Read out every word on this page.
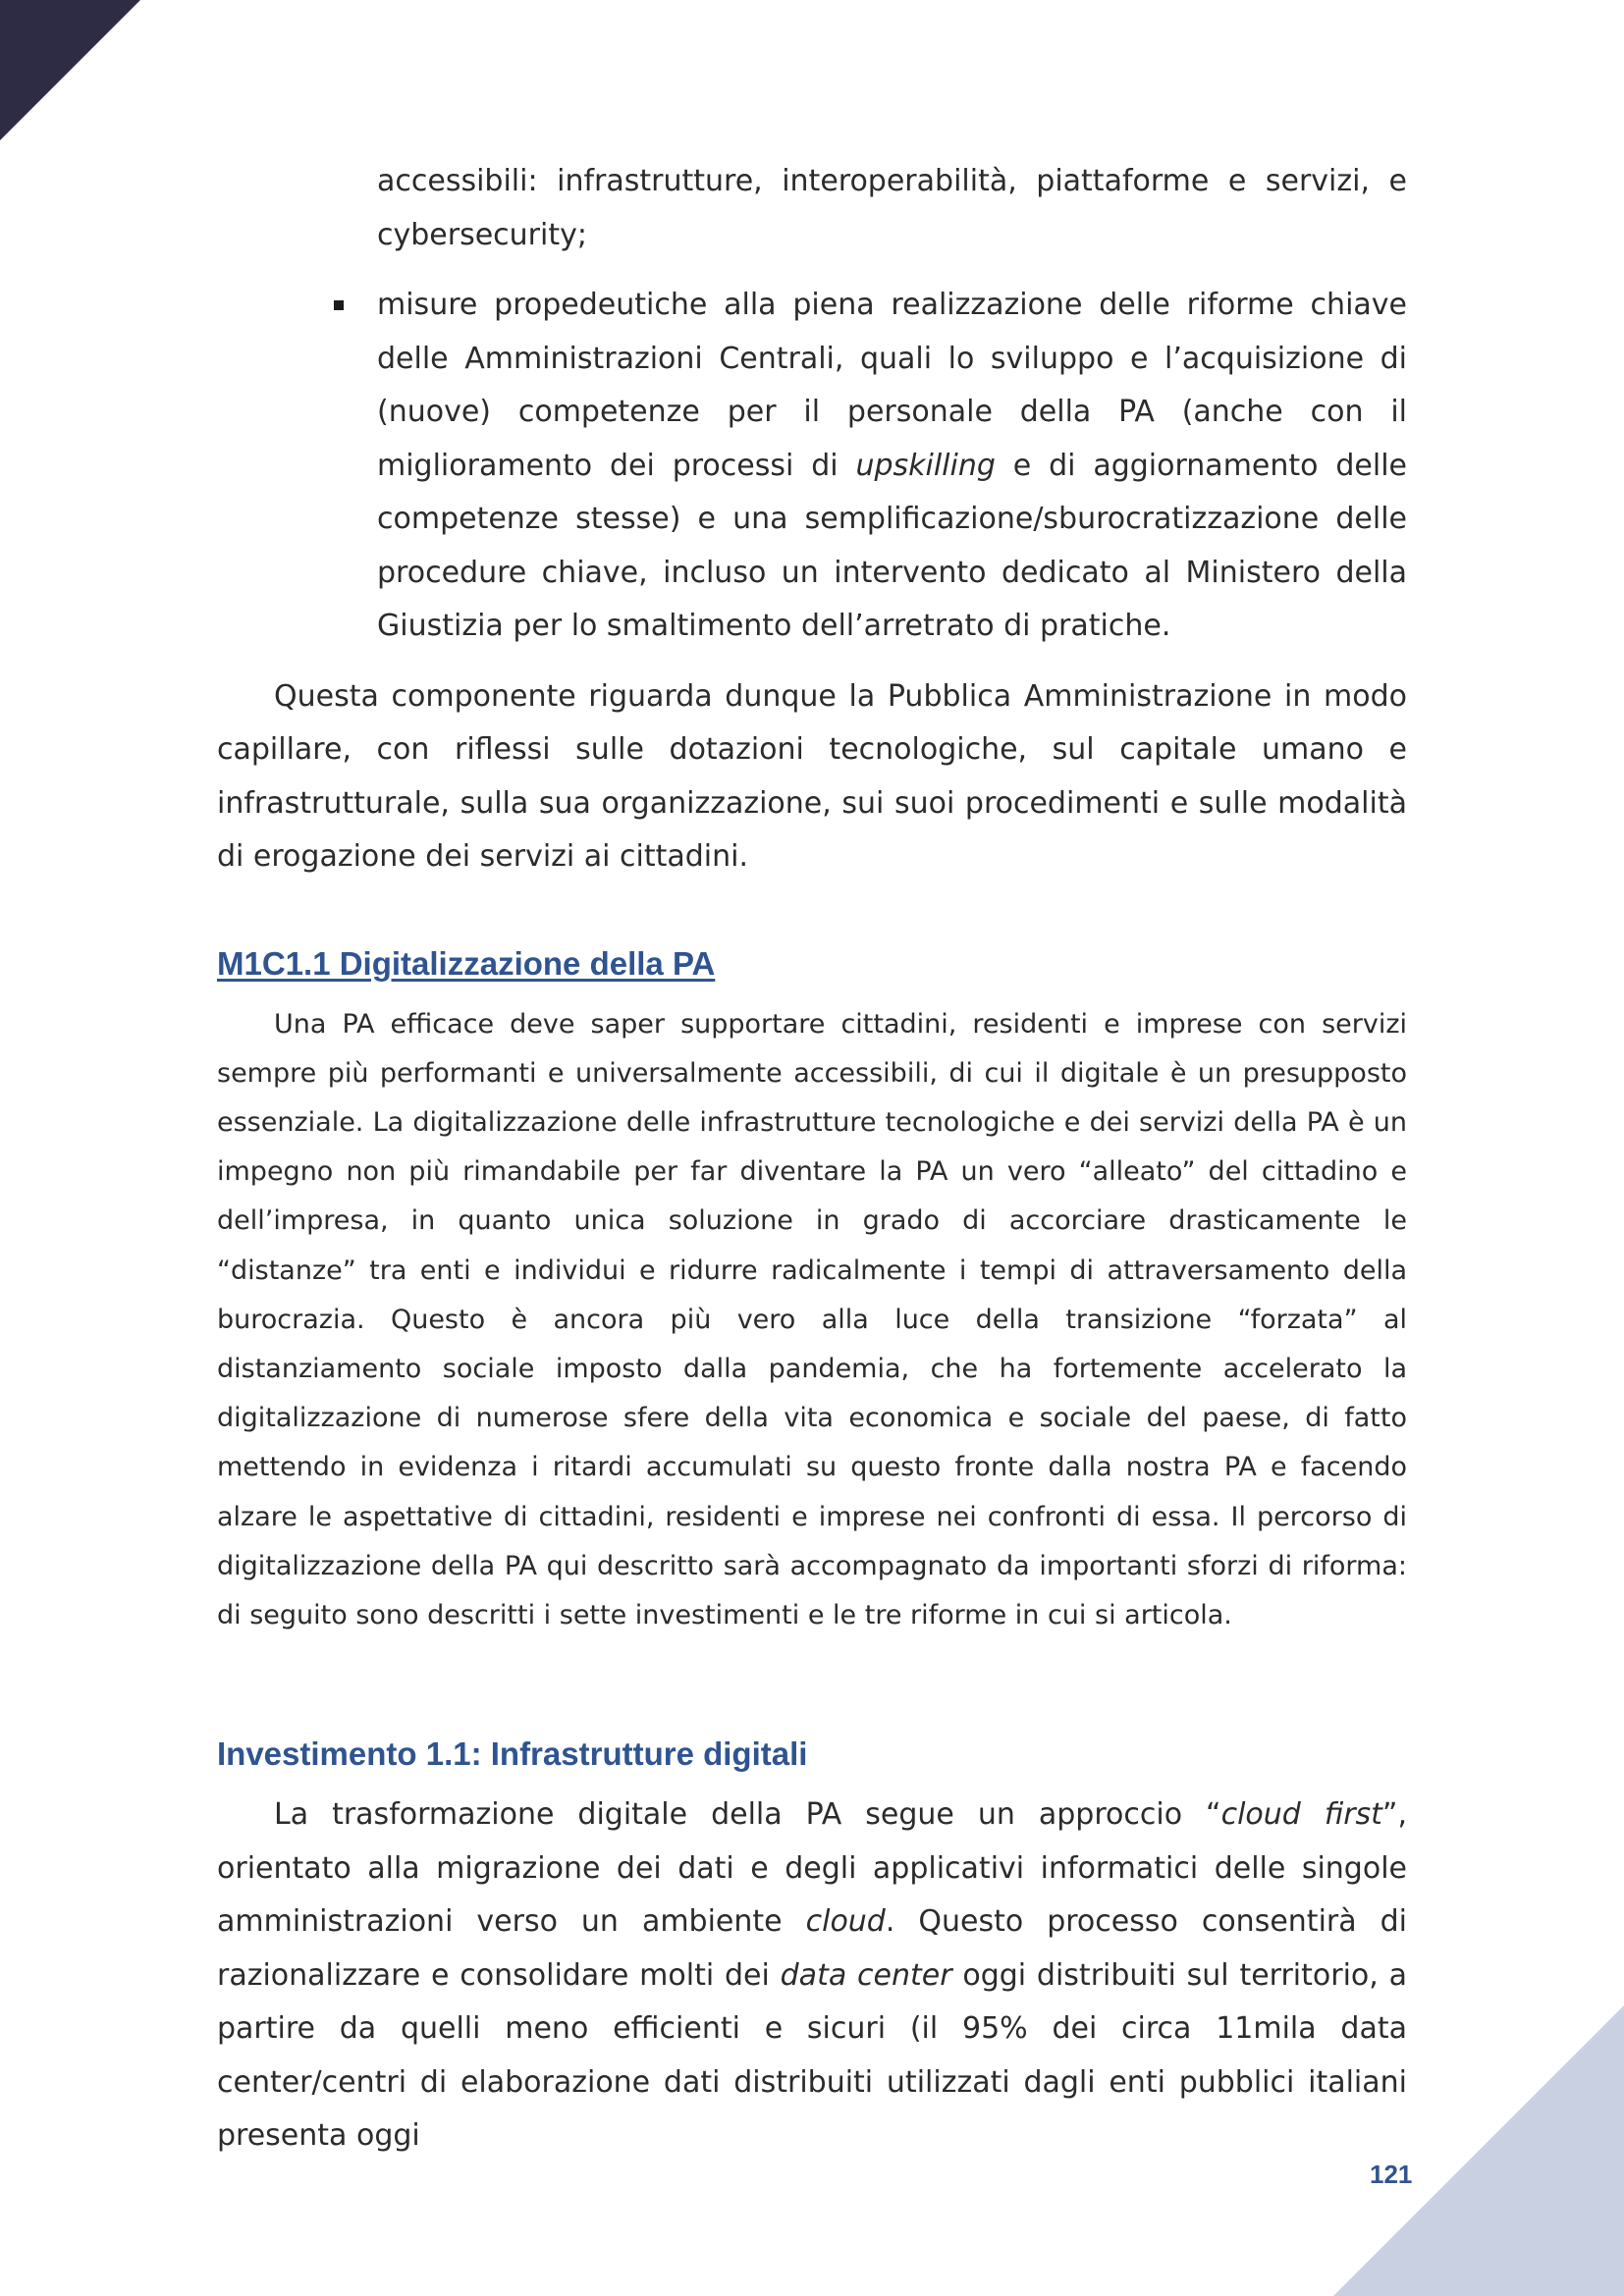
accessibili: infrastrutture, interoperabilità, piattaforme e servizi, e cybersecurity;

misure propedeutiche alla piena realizzazione delle riforme chiave delle Amministrazioni Centrali, quali lo sviluppo e l’acquisizione di (nuove) competenze per il personale della PA (anche con il miglioramento dei processi di upskilling e di aggiornamento delle competenze stesse) e una semplificazione/sburocratizzazione delle procedure chiave, incluso un intervento dedicato al Ministero della Giustizia per lo smaltimento dell’arretrato di pratiche.

Questa componente riguarda dunque la Pubblica Amministrazione in modo capillare, con riflessi sulle dotazioni tecnologiche, sul capitale umano e infrastrutturale, sulla sua organizzazione, sui suoi procedimenti e sulle modalità di erogazione dei servizi ai cittadini.

M1C1.1 Digitalizzazione della PA

Una PA efficace deve saper supportare cittadini, residenti e imprese con servizi sempre più performanti e universalmente accessibili, di cui il digitale è un presupposto essenziale. La digitalizzazione delle infrastrutture tecnologiche e dei servizi della PA è un impegno non più rimandabile per far diventare la PA un vero “alleato” del cittadino e dell’impresa, in quanto unica soluzione in grado di accorciare drasticamente le “distanze” tra enti e individui e ridurre radicalmente i tempi di attraversamento della burocrazia. Questo è ancora più vero alla luce della transizione “forzata” al distanziamento sociale imposto dalla pandemia, che ha fortemente accelerato la digitalizzazione di numerose sfere della vita economica e sociale del paese, di fatto mettendo in evidenza i ritardi accumulati su questo fronte dalla nostra PA e facendo alzare le aspettative di cittadini, residenti e imprese nei confronti di essa. Il percorso di digitalizzazione della PA qui descritto sarà accompagnato da importanti sforzi di riforma: di seguito sono descritti i sette investimenti e le tre riforme in cui si articola.

Investimento 1.1: Infrastrutture digitali

La trasformazione digitale della PA segue un approccio “cloud first”, orientato alla migrazione dei dati e degli applicativi informatici delle singole amministrazioni verso un ambiente cloud. Questo processo consentirà di razionalizzare e consolidare molti dei data center oggi distribuiti sul territorio, a partire da quelli meno efficienti e sicuri (il 95% dei circa 11mila data center/centri di elaborazione dati distribuiti utilizzati dagli enti pubblici italiani presenta oggi

121
